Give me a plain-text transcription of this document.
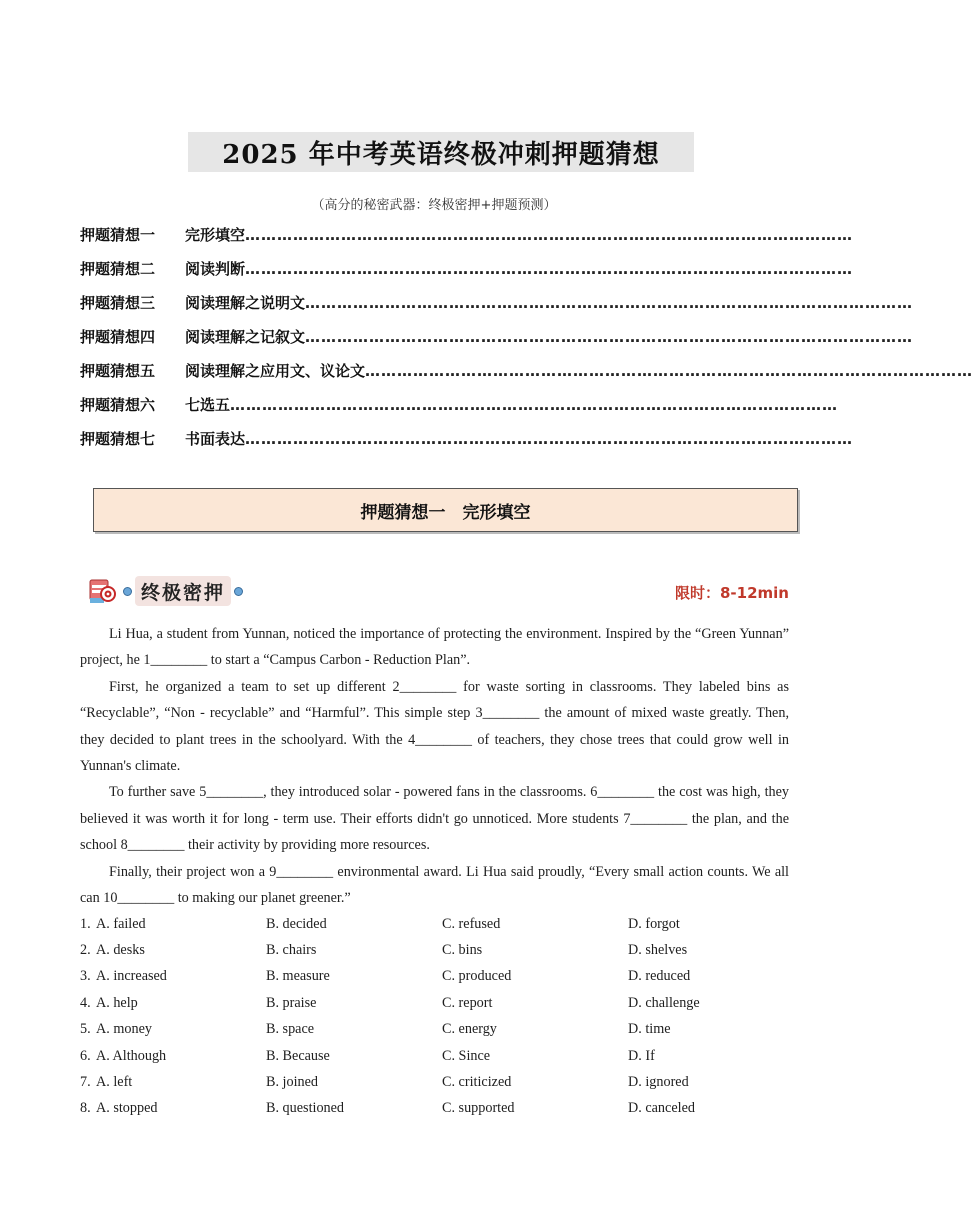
2025 年中考英语终极冲刺押题猜想
（高分的秘密武器：终极密押+押题预测）
押题猜想一	完形填空 ……………………………………………………………………………………………………
押题猜想二	阅读判断 ……………………………………………………………………………………………………
押题猜想三	阅读理解之说明文 ……………………………………………………………………………………………………
押题猜想四	阅读理解之记叙文 ……………………………………………………………………………………………………
押题猜想五	阅读理解之应用文、议论文 ……………………………………………………………………………………………………
押题猜想六	七选五 ……………………………………………………………………………………………………
押题猜想七	书面表达 ……………………………………………………………………………………………………
押题猜想一　完形填空
终极密押	限时：8-12min

Li Hua, a student from Yunnan, noticed the importance of protecting the environment. Inspired by the “Green Yunnan” project, he 1________ to start a “Campus Carbon - Reduction Plan”.

First, he organized a team to set up different 2________ for waste sorting in classrooms. They labeled bins as “Recyclable”, “Non - recyclable” and “Harmful”. This simple step 3________ the amount of mixed waste greatly. Then, they decided to plant trees in the schoolyard. With the 4________ of teachers, they chose trees that could grow well in Yunnan's climate.

To further save 5________, they introduced solar - powered fans in the classrooms. 6________ the cost was high, they believed it was worth it for long - term use. Their efforts didn't go unnoticed. More students 7________ the plan, and the school 8________ their activity by providing more resources.

Finally, their project won a 9________ environmental award. Li Hua said proudly, “Every small action counts. We all can 10________ to making our planet greener.”

1. A. failed	B. decided	C. refused	D. forgot
2. A. desks	B. chairs	C. bins	D. shelves
3. A. increased	B. measure	C. produced	D. reduced
4. A. help	B. praise	C. report	D. challenge
5. A. money	B. space	C. energy	D. time
6. A. Although	B. Because	C. Since	D. If
7. A. left	B. joined	C. criticized	D. ignored
8. A. stopped	B. questioned	C. supported	D. canceled
